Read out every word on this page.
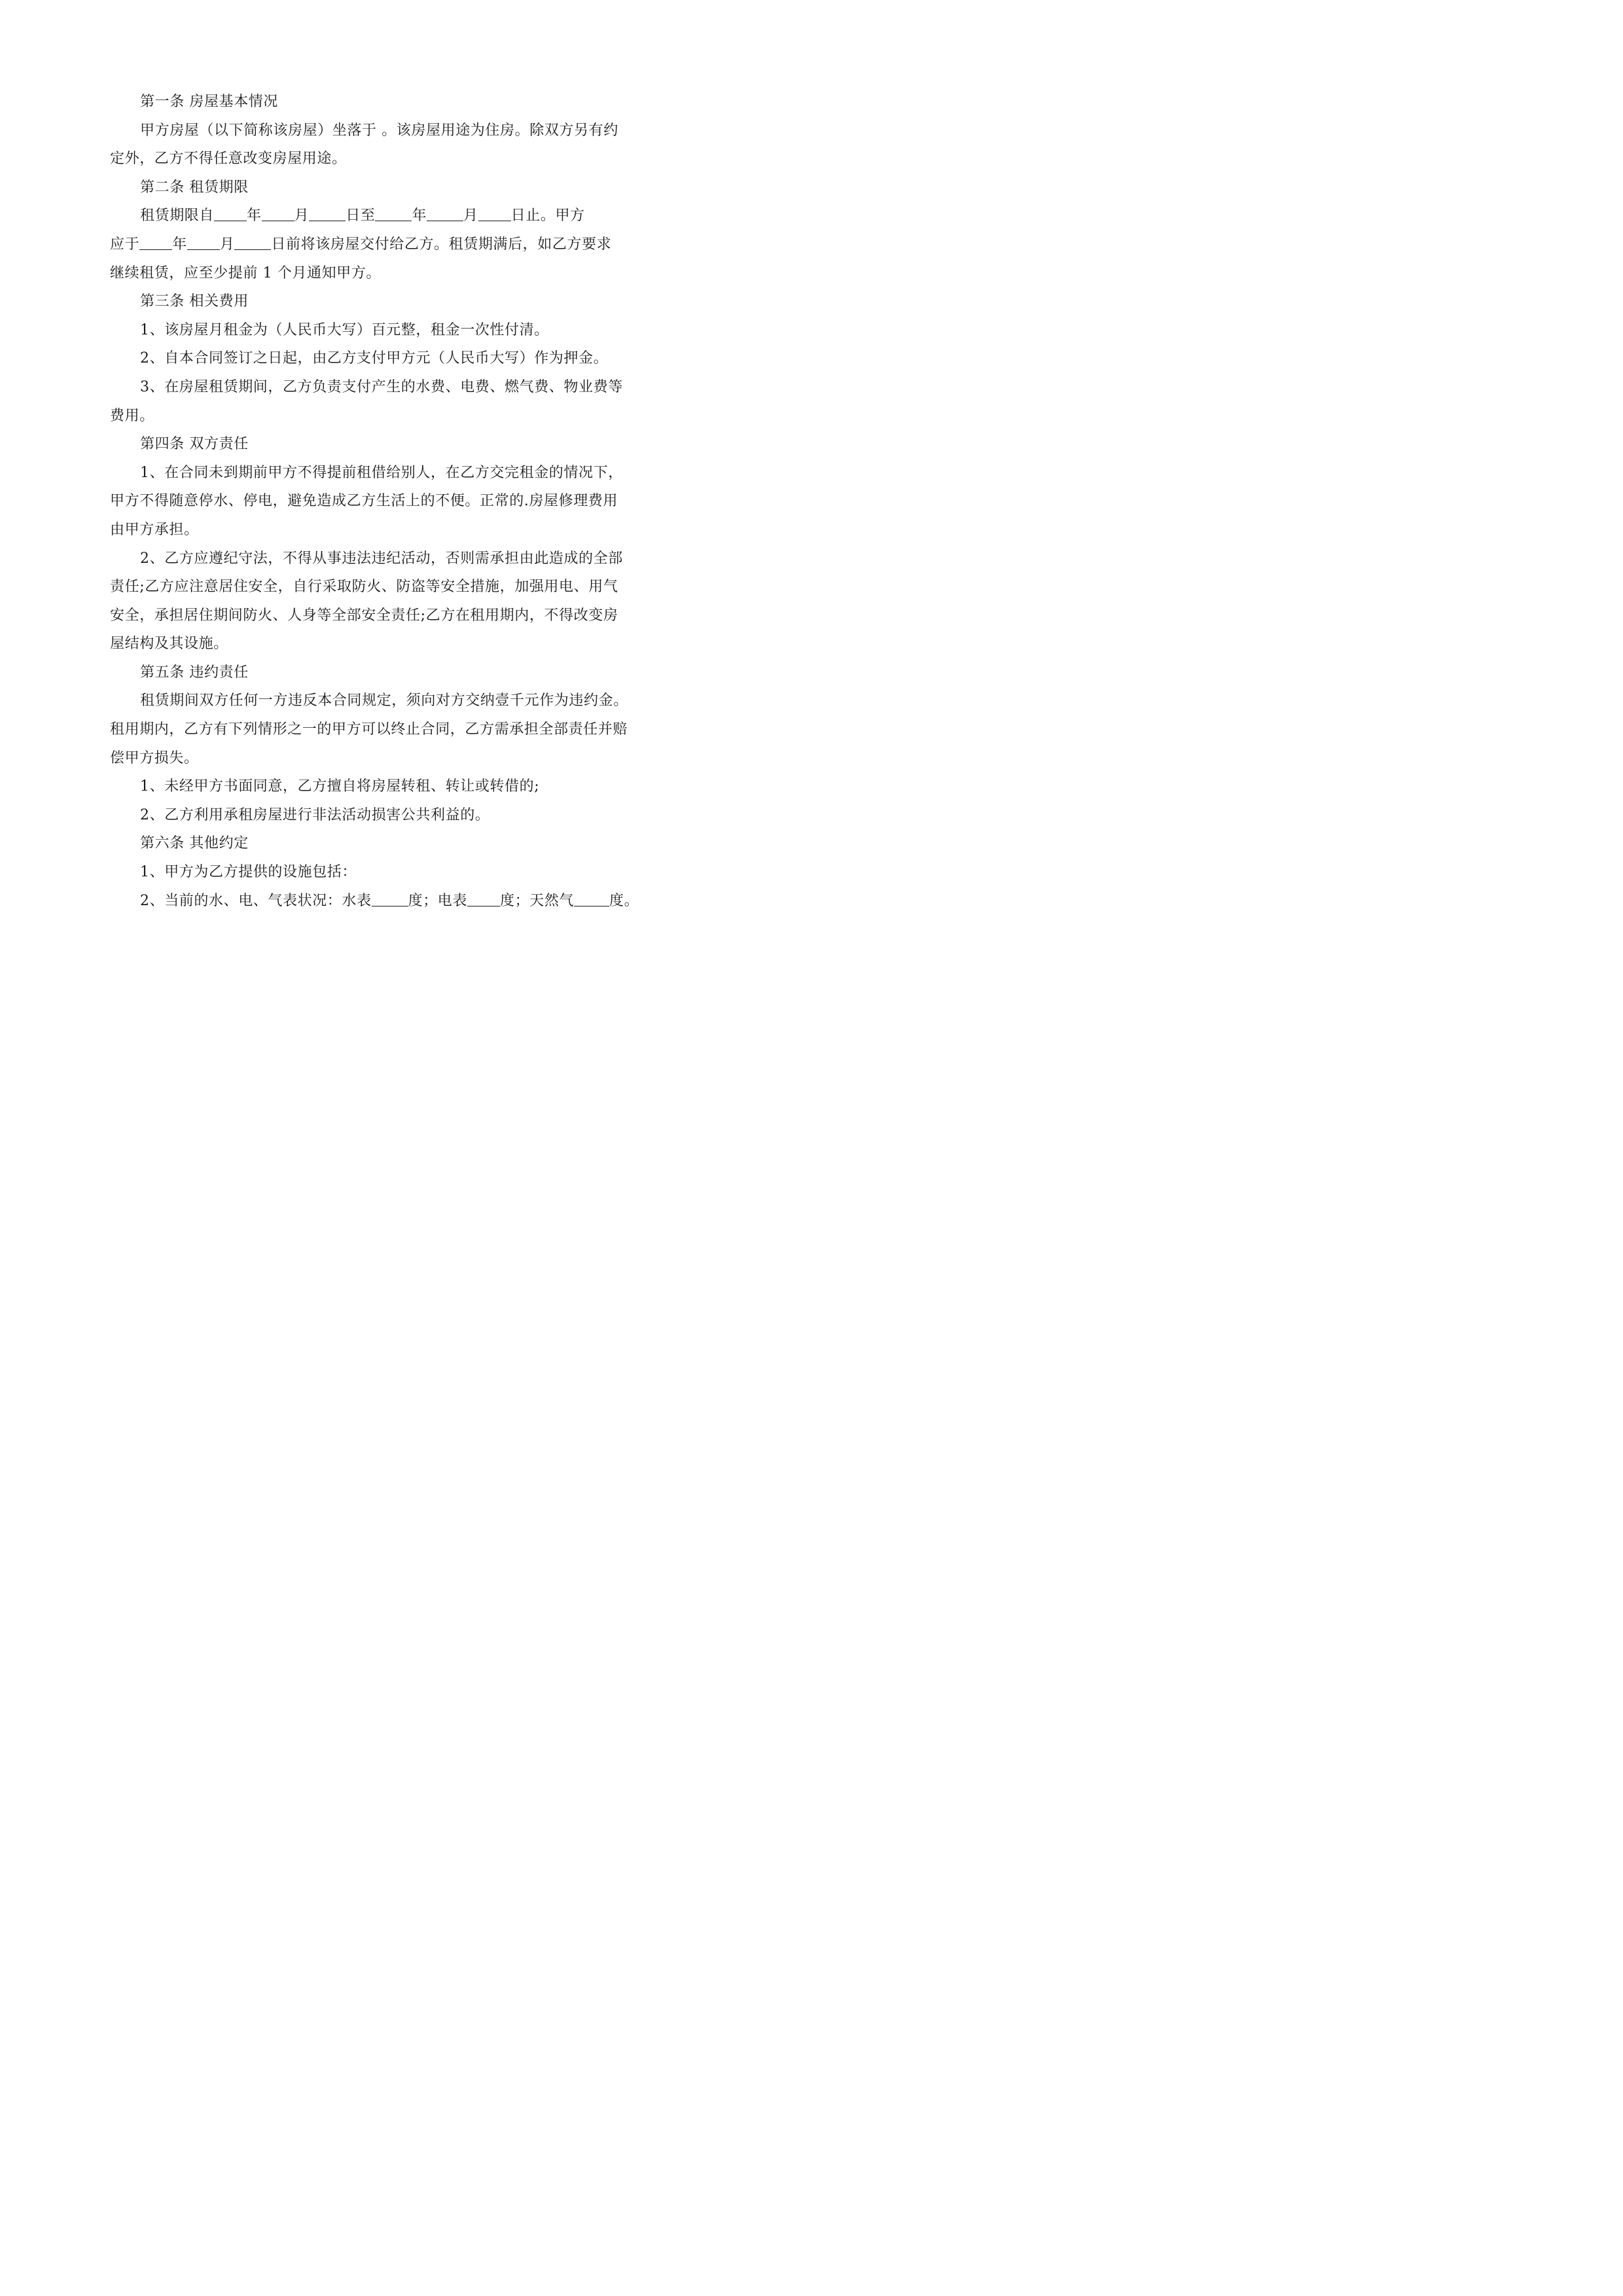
第一条 房屋基本情况
甲方房屋（以下简称该房屋）坐落于 。该房屋用途为住房。除双方另有约
定外，乙方不得任意改变房屋用途。
第二条 租赁期限
租赁期限自 年 月	日至	年	月 日止。甲方
应于 年 月	日前将该房屋交付给乙方。租赁期满后，如乙方要求
继续租赁，应至少提前 1 个月通知甲方。
第三条 相关费用
1、该房屋月租金为（人民币大写）百元整，租金一次性付清。
2、自本合同签订之日起，由乙方支付甲方元（人民币大写）作为押金。
3、在房屋租赁期间，乙方负责支付产生的水费、电费、燃气费、物业费等
费用。
第四条 双方责任
1、在合同未到期前甲方不得提前租借给别人，在乙方交完租金的情况下，
甲方不得随意停水、停电，避免造成乙方生活上的不便。正常的.房屋修理费用
由甲方承担。
2、乙方应遵纪守法，不得从事违法违纪活动，否则需承担由此造成的全部
责任;乙方应注意居住安全，自行采取防火、防盗等安全措施，加强用电、用气
安全，承担居住期间防火、人身等全部安全责任;乙方在租用期内，不得改变房
屋结构及其设施。
第五条 违约责任
租赁期间双方任何一方违反本合同规定，须向对方交纳壹千元作为违约金。
租用期内，乙方有下列情形之一的甲方可以终止合同，乙方需承担全部责任并赔
偿甲方损失。
1、未经甲方书面同意，乙方擅自将房屋转租、转让或转借的;
2、乙方利用承租房屋进行非法活动损害公共利益的。
第六条 其他约定
1、甲方为乙方提供的设施包括：
2、当前的水、电、气表状况：水表	度；电表 度；天然气 度。
